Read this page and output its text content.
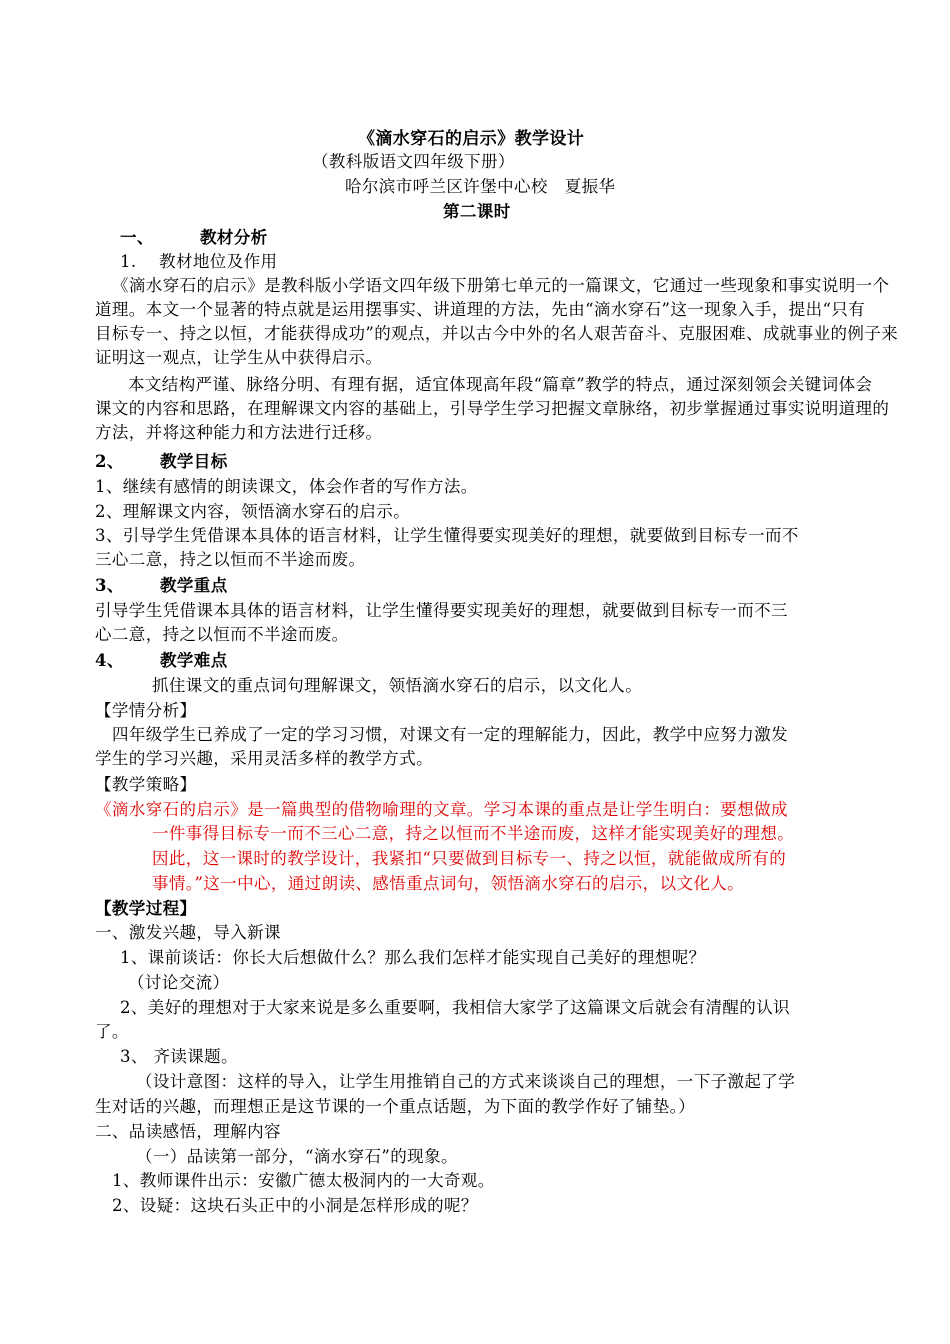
《滴水穿石的启示》教学设计
（教科版语文四年级下册）
哈尔滨市呼兰区许堡中心校　夏振华
第二课时
一、	教材分析
1.　 教材地位及作用
《滴水穿石的启示》是教科版小学语文四年级下册第七单元的一篇课文，它通过一些现象和事实说明一个
道理。本文一个显著的特点就是运用摆事实、讲道理的方法，先由“滴水穿石”这一现象入手，提出“只有
目标专一、持之以恒，才能获得成功”的观点，并以古今中外的名人艰苦奋斗、克服困难、成就事业的例子来
证明这一观点，让学生从中获得启示。
本文结构严谨、脉络分明、有理有据，适宜体现高年段“篇章”教学的特点，通过深刻领会关键词体会
课文的内容和思路，在理解课文内容的基础上，引导学生学习把握文章脉络，初步掌握通过事实说明道理的
方法，并将这种能力和方法进行迁移。
2、 教学目标
1、继续有感情的朗读课文，体会作者的写作方法。
2、理解课文内容，领悟滴水穿石的启示。
3、引导学生凭借课本具体的语言材料，让学生懂得要实现美好的理想，就要做到目标专一而不
三心二意，持之以恒而不半途而废。
3、 教学重点
引导学生凭借课本具体的语言材料，让学生懂得要实现美好的理想，就要做到目标专一而不三
心二意，持之以恒而不半途而废。
4、 教学难点
抓住课文的重点词句理解课文，领悟滴水穿石的启示，以文化人。
【学情分析】
四年级学生已养成了一定的学习习惯，对课文有一定的理解能力，因此，教学中应努力激发
学生的学习兴趣，采用灵活多样的教学方式。
【教学策略】
《滴水穿石的启示》是一篇典型的借物喻理的文章。学习本课的重点是让学生明白：要想做成
一件事得目标专一而不三心二意，持之以恒而不半途而废，这样才能实现美好的理想。
因此，这一课时的教学设计，我紧扣“只要做到目标专一、持之以恒，就能做成所有的
事情。”这一中心，通过朗读、感悟重点词句，领悟滴水穿石的启示，以文化人。
【教学过程】
一、激发兴趣，导入新课
1、课前谈话：你长大后想做什么？那么我们怎样才能实现自己美好的理想呢？
（讨论交流）
2、美好的理想对于大家来说是多么重要啊，我相信大家学了这篇课文后就会有清醒的认识
了。
3、 齐读课题。
（设计意图：这样的导入，让学生用推销自己的方式来谈谈自己的理想，一下子激起了学
生对话的兴趣，而理想正是这节课的一个重点话题，为下面的教学作好了铺垫。）
二、品读感悟，理解内容
（一）品读第一部分，“滴水穿石”的现象。
1、教师课件出示：安徽广德太极洞内的一大奇观。
2、设疑：这块石头正中的小洞是怎样形成的呢？
